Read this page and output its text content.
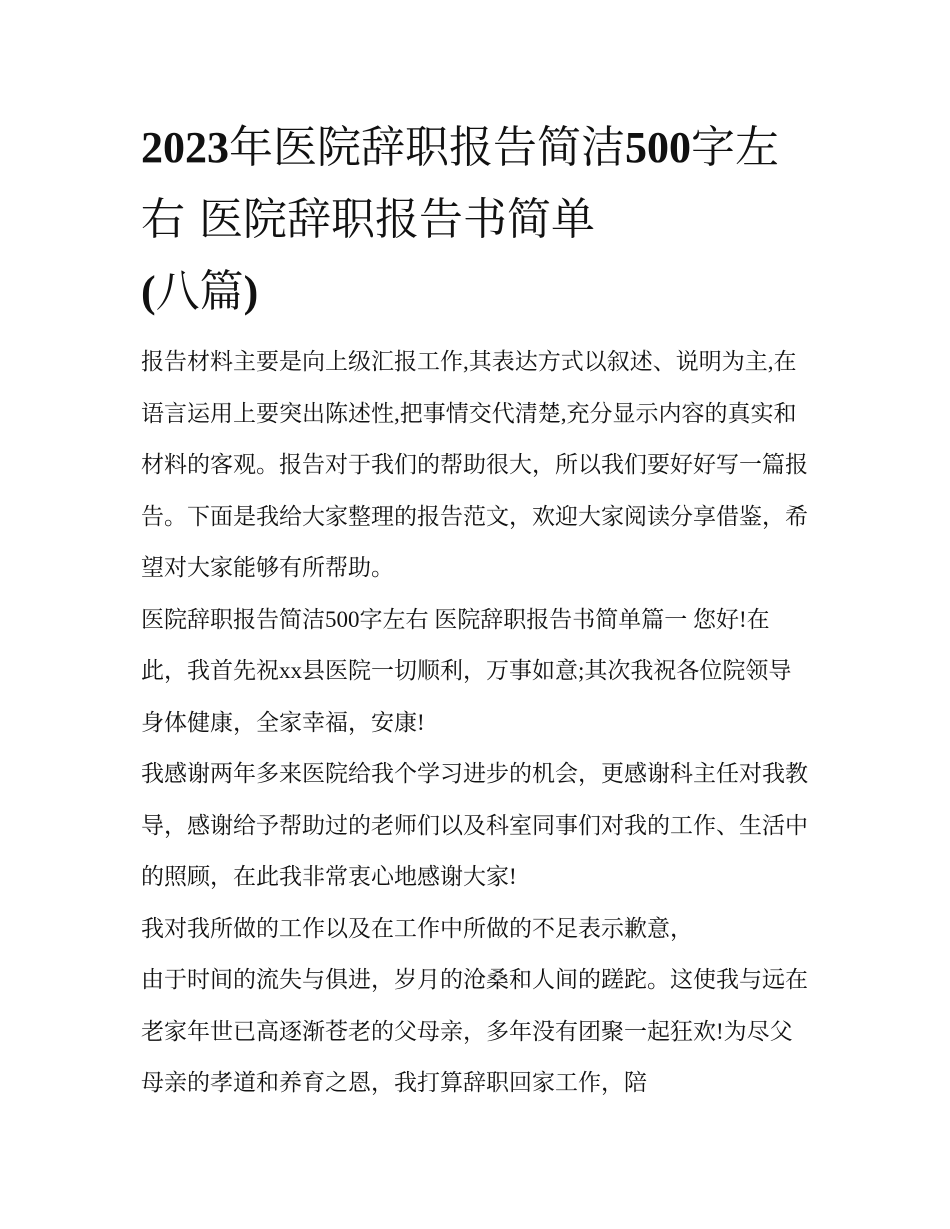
2023年医院辞职报告简洁500字左右 医院辞职报告书简单
(八篇)

报告材料主要是向上级汇报工作,其表达方式以叙述、说明为主,在语言运用上要突出陈述性,把事情交代清楚,充分显示内容的真实和材料的客观。报告对于我们的帮助很大，所以我们要好好写一篇报告。下面是我给大家整理的报告范文，欢迎大家阅读分享借鉴，希望对大家能够有所帮助。

医院辞职报告简洁500字左右 医院辞职报告书简单篇一 您好!在此，我首先祝xx县医院一切顺利，万事如意;其次我祝各位院领导身体健康，全家幸福，安康!

我感谢两年多来医院给我个学习进步的机会，更感谢科主任对我教导，感谢给予帮助过的老师们以及科室同事们对我的工作、生活中的照顾，在此我非常衷心地感谢大家!

我对我所做的工作以及在工作中所做的不足表示歉意，

由于时间的流失与俱进，岁月的沧桑和人间的蹉跎。这使我与远在老家年世已高逐渐苍老的父母亲，多年没有团聚一起狂欢!为尽父母亲的孝道和养育之恩，我打算辞职回家工作，陪
